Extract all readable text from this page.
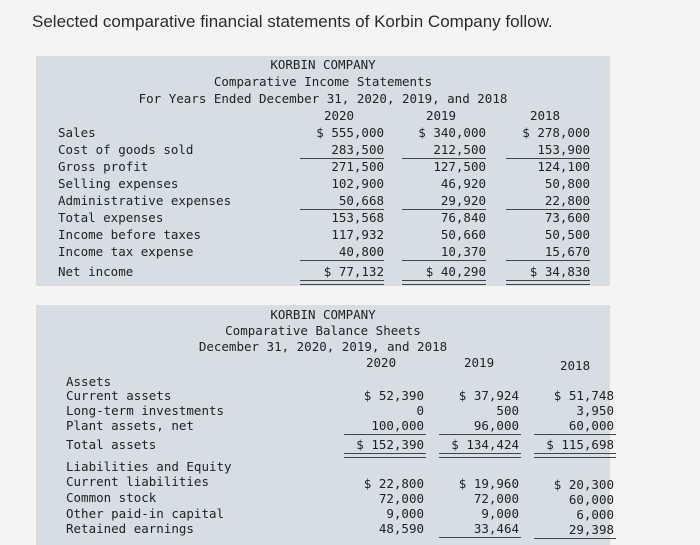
Selected comparative financial statements of Korbin Company follow.
KORBIN COMPANY
Comparative Income Statements
For Years Ended December 31, 2020, 2019, and 2018
2020	2019	2018
Sales	$ 555,000	$ 340,000	$ 278,000
Cost of goods sold	283,500	212,500	153,900
Gross profit	271,500	127,500	124,100
Selling expenses	102,900	46,920	50,800
Administrative expenses	50,668	29,920	22,800
Total expenses	153,568	76,840	73,600
Income before taxes	117,932	50,660	50,500
Income tax expense	40,800	10,370	15,670
Net income	$ 77,132	$ 40,290	$ 34,830
KORBIN COMPANY
Comparative Balance Sheets
December 31, 2020, 2019, and 2018
2020	2019	2018
Assets
Current assets	$ 52,390	$ 37,924	$ 51,748
Long-term investments	0	500	3,950
Plant assets, net	100,000	96,000	60,000
Total assets	$ 152,390	$ 134,424	$ 115,698
Liabilities and Equity
Current liabilities	$ 22,800	$ 19,960	$ 20,300
Common stock	72,000	72,000	60,000
Other paid-in capital	9,000	9,000	6,000
Retained earnings	48,590	33,464	29,398
